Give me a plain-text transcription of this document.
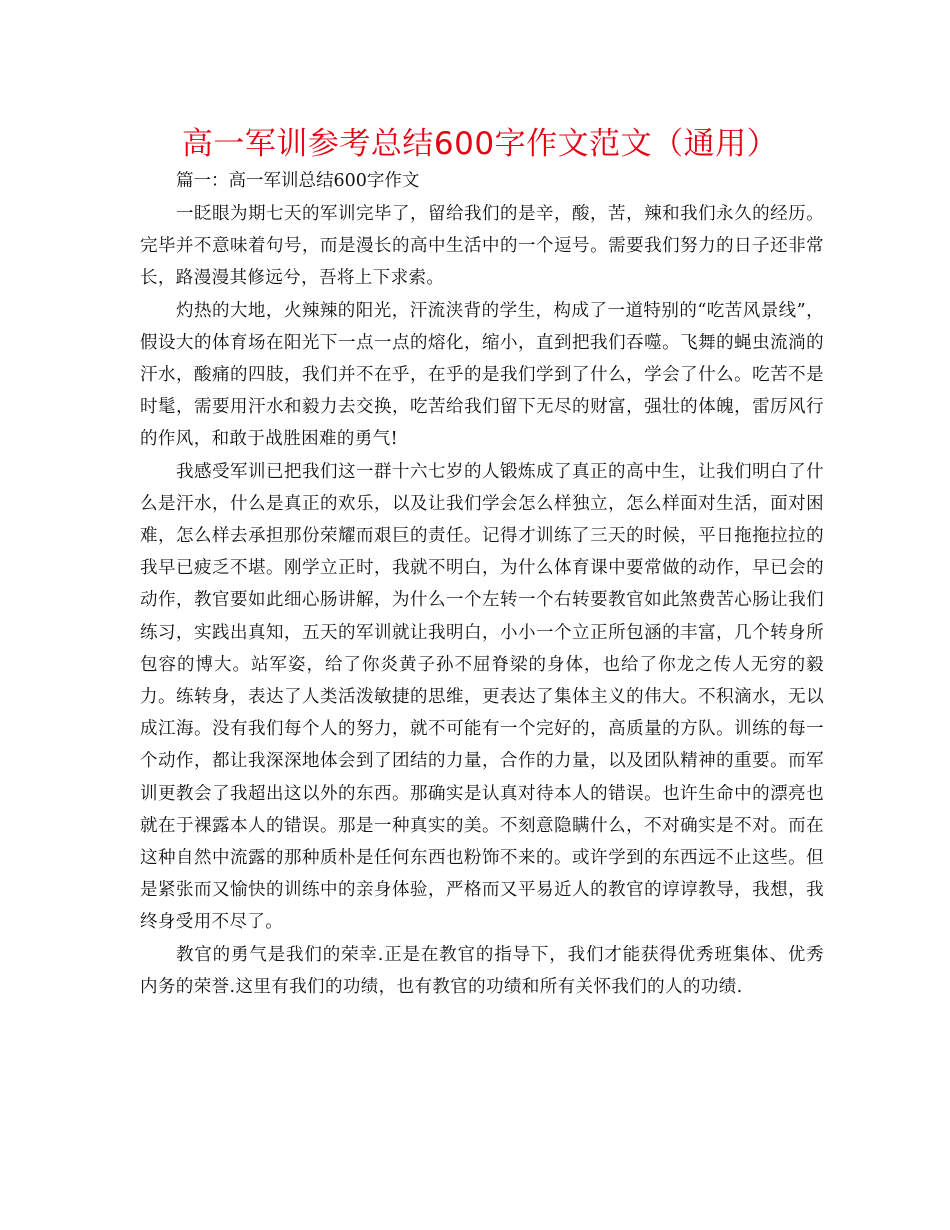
高一军训参考总结600字作文范文（通用）

篇一：高一军训总结600字作文

一眨眼为期七天的军训完毕了，留给我们的是辛，酸，苦，辣和我们永久的经历。完毕并不意味着句号，而是漫长的高中生活中的一个逗号。需要我们努力的日子还非常长，路漫漫其修远兮，吾将上下求索。

灼热的大地，火辣辣的阳光，汗流浃背的学生，构成了一道特别的“吃苦风景线”，假设大的体育场在阳光下一点一点的熔化，缩小，直到把我们吞噬。飞舞的蝇虫流淌的汗水，酸痛的四肢，我们并不在乎，在乎的是我们学到了什么，学会了什么。吃苦不是时髦，需要用汗水和毅力去交换，吃苦给我们留下无尽的财富，强壮的体魄，雷厉风行的作风，和敢于战胜困难的勇气!

我感受军训已把我们这一群十六七岁的人锻炼成了真正的高中生，让我们明白了什么是汗水，什么是真正的欢乐，以及让我们学会怎么样独立，怎么样面对生活，面对困难，怎么样去承担那份荣耀而艰巨的责任。记得才训练了三天的时候，平日拖拖拉拉的我早已疲乏不堪。刚学立正时，我就不明白，为什么体育课中要常做的动作，早已会的动作，教官要如此细心肠讲解，为什么一个左转一个右转要教官如此煞费苦心肠让我们练习，实践出真知，五天的军训就让我明白，小小一个立正所包涵的丰富，几个转身所包容的博大。站军姿，给了你炎黄子孙不屈脊梁的身体，也给了你龙之传人无穷的毅力。练转身，表达了人类活泼敏捷的思维，更表达了集体主义的伟大。不积滴水，无以成江海。没有我们每个人的努力，就不可能有一个完好的，高质量的方队。训练的每一个动作，都让我深深地体会到了团结的力量，合作的力量，以及团队精神的重要。而军训更教会了我超出这以外的东西。那确实是认真对待本人的错误。也许生命中的漂亮也就在于裸露本人的错误。那是一种真实的美。不刻意隐瞒什么，不对确实是不对。而在这种自然中流露的那种质朴是任何东西也粉饰不来的。或许学到的东西远不止这些。但是紧张而又愉快的训练中的亲身体验，严格而又平易近人的教官的谆谆教导，我想，我终身受用不尽了。

教官的勇气是我们的荣幸.正是在教官的指导下，我们才能获得优秀班集体、优秀内务的荣誉.这里有我们的功绩，也有教官的功绩和所有关怀我们的人的功绩.
